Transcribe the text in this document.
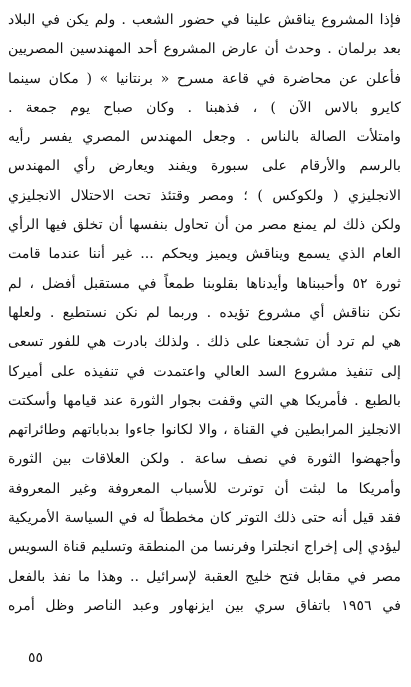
فإذا المشروع يناقش علينا في حضور الشعب . ولم يكن في البلاد
بعد برلمان . وحدث أن عارض المشروع أحد المهندسين المصريين
فأعلن عن محاضرة في قاعة مسرح « برنتانيا » ( مكان سينما
كايرو بالاس الآن ) ، فذهبنا . وكان صباح يوم جمعة .
وامتلأت الصالة بالناس . وجعل المهندس المصري يفسر رأيه
بالرسم والأرقام على سبورة ويفند ويعارض رأي المهندس
الانجليزي ( ولكوكس ) ؛ ومصر وقتئذ تحت الاحتلال الانجليزي
ولكن ذلك لم يمنع مصر من أن تحاول بنفسها أن تخلق فيها الرأي
العام الذي يسمع ويناقش ويميز ويحكم ... غير أننا عندما قامت
ثورة ٥٢ وأحببناها وأيدناها بقلوبنا طمعاً في مستقبل أفضل ، لم
نكن نناقش أي مشروع تؤيده . وربما لم نكن نستطيع . ولعلها
هي لم ترد أن تشجعنا على ذلك . ولذلك بادرت هي للفور تسعى
إلى تنفيذ مشروع السد العالي واعتمدت في تنفيذه على أميركا
بالطبع . فأمريكا هي التي وقفت بجوار الثورة عند قيامها وأسكتت
الانجليز المرابطين في القناة ، والا لكانوا جاءوا بدباباتهم وطائراتهم
وأجهضوا الثورة في نصف ساعة . ولكن العلاقات بين الثورة
وأمريكا ما لبثت أن توترت للأسباب المعروفة وغير المعروفة
فقد قيل أنه حتى ذلك التوتر كان مخططاً له في السياسة الأمريكية
ليؤدي إلى إخراج انجلترا وفرنسا من المنطقة وتسليم قناة السويس
مصر في مقابل فتح خليج العقبة لإسرائيل .. وهذا ما نفذ بالفعل
في ١٩٥٦ باتفاق سري بين ايزنهاور وعبد الناصر وظل أمره
٥٥
